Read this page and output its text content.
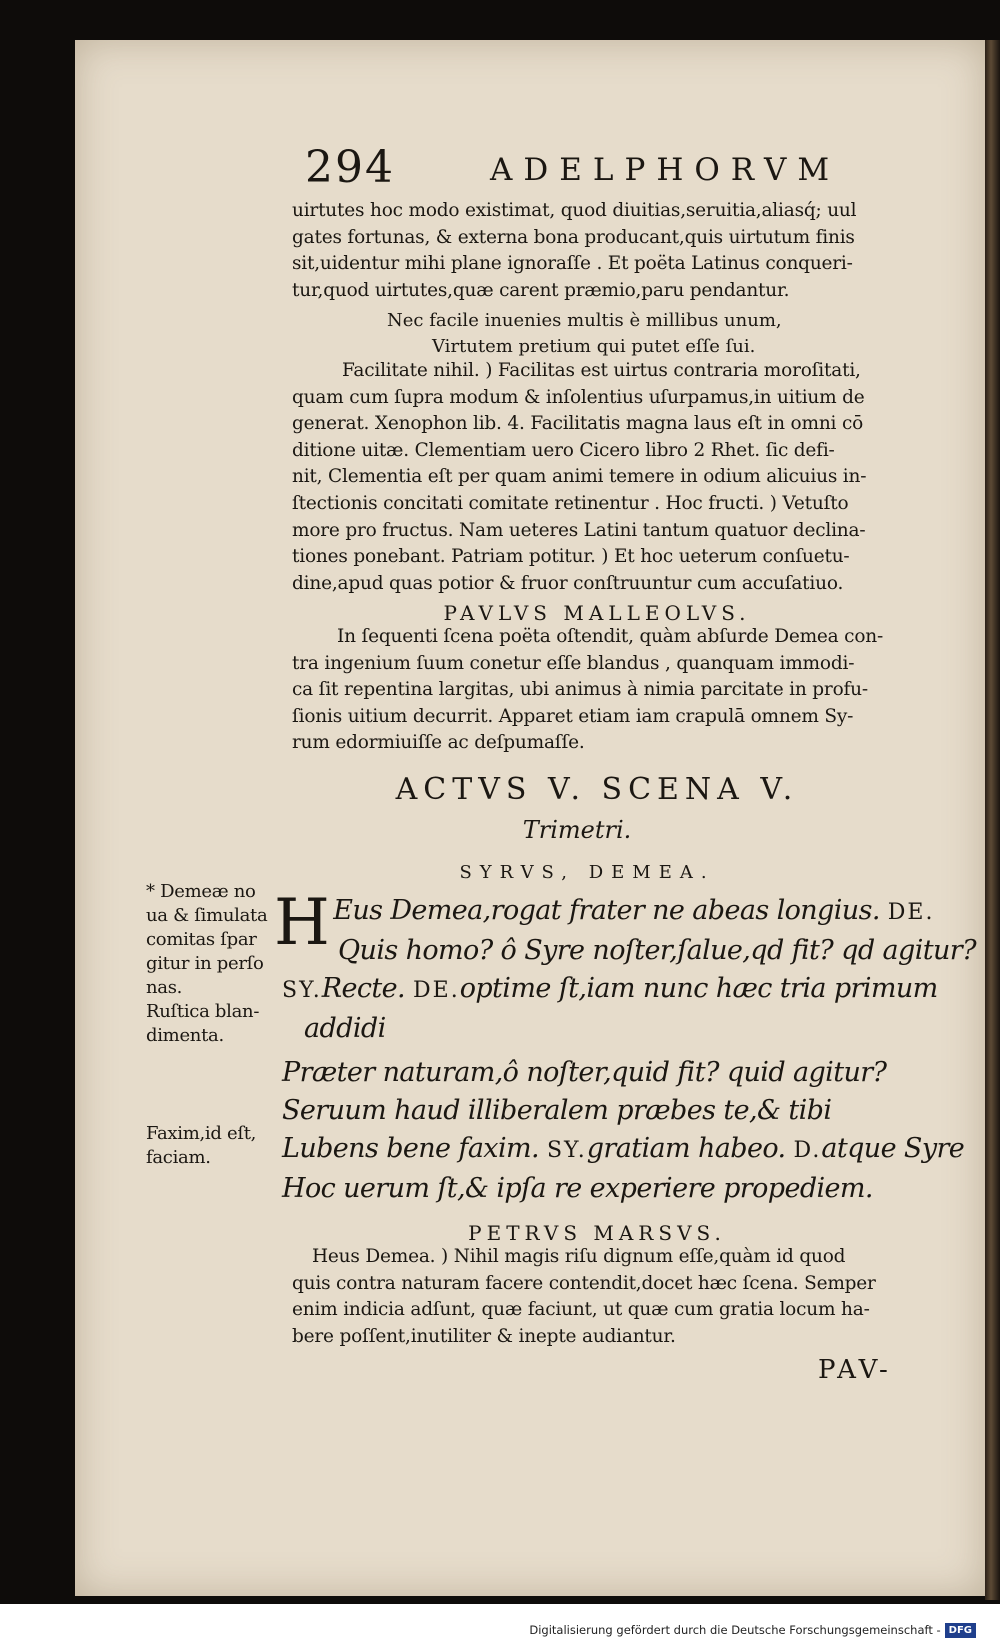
294	ADELPHORVM
uirtutes hoc modo existimat, quod diuitias,seruitia,aliasq́; uul
gates fortunas, & externa bona producant,quis uirtutum finis
sit,uidentur mihi plane ignoraſſe . Et poëta Latinus conqueri-
tur,quod uirtutes,quæ carent præmio,paru pendantur.
Nec facile inuenies multis è millibus unum,
Virtutem pretium qui putet eſſe ſui.
Facilitate nihil. ) Facilitas est uirtus contraria moroſitati,
quam cum ſupra modum & inſolentius uſurpamus,in uitium de
generat. Xenophon lib. 4. Facilitatis magna laus eſt in omni cō
ditione uitæ. Clementiam uero Cicero libro 2 Rhet. ſic defi-
nit, Clementia eſt per quam animi temere in odium alicuius in-
ſtectionis concitati comitate retinentur . Hoc fructi. ) Vetuſto
more pro fructus. Nam ueteres Latini tantum quatuor declina-
tiones ponebant. Patriam potitur. ) Et hoc ueterum conſuetu-
dine,apud quas potior & fruor conſtruuntur cum accuſatiuo.
PAVLVS MALLEOLVS.
In ſequenti ſcena poëta oſtendit, quàm abſurde Demea con-
tra ingenium ſuum conetur eſſe blandus , quanquam immodi-
ca ſit repentina largitas, ubi animus à nimia parcitate in profu-
ſionis uitium decurrit. Apparet etiam iam crapulā omnem Sy-
rum edormiuiſſe ac deſpumaſſe.
ACTVS V. SCENA V.
Trimetri.
SYRVS, DEMEA.
* Demeæ no
ua & ſimulata
comitas ſpar
gitur in perſo
nas.
Ruſtica blan-
dimenta.
Faxim,id eſt,
faciam.
H Eus Demea,rogat frater ne abeas longius. DE.
Quis homo? ô Syre noſter,ſalue,qd fit? qd agitur?
SY.Recte. DE.optime ſt,iam nunc hæc tria primum
addidi
Præter naturam,ô noſter,quid fit? quid agitur?
Seruum haud illiberalem præbes te,& tibi
Lubens bene faxim. SY.gratiam habeo. D.atque Syre
Hoc uerum ſt,& ipſa re experiere propediem.
PETRVS MARSVS.
Heus Demea. ) Nihil magis riſu dignum eſſe,quàm id quod
quis contra naturam facere contendit,docet hæc ſcena. Semper
enim indicia adſunt, quæ faciunt, ut quæ cum gratia locum ha-
bere poſſent,inutiliter & inepte audiantur.
PAV-
Digitalisierung gefördert durch die Deutsche Forschungsgemeinschaft - DFG
